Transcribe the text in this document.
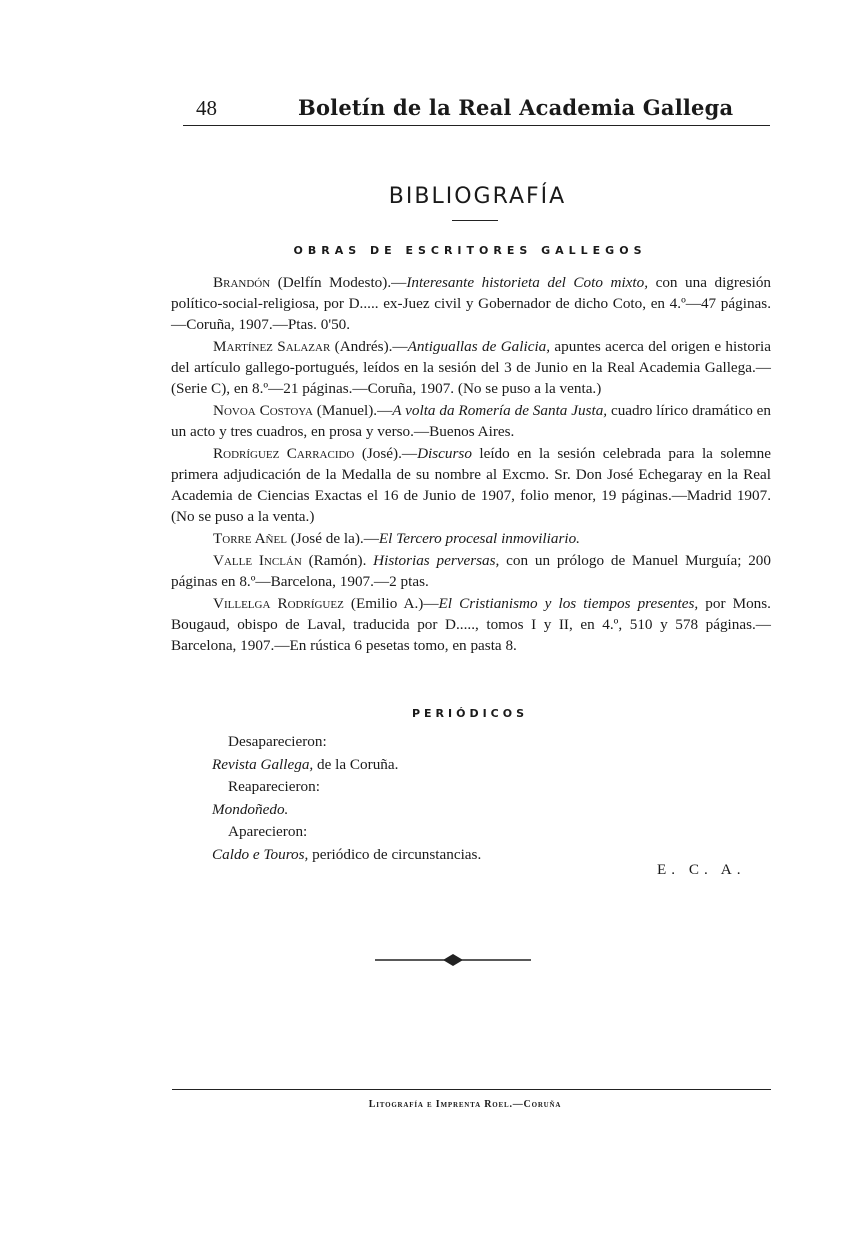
48	Boletín de la Real Academia Gallega
BIBLIOGRAFÍA
OBRAS DE ESCRITORES GALLEGOS

Brandón (Delfín Modesto).—Interesante historieta del Coto mixto, con una digresión político-social-religiosa, por D..... ex-Juez civil y Gobernador de dicho Coto, en 4.º—47 páginas.—Coruña, 1907.—Ptas. 0'50.

Martínez Salazar (Andrés).—Antiguallas de Galicia, apuntes acerca del origen e historia del artículo gallego-portugués, leídos en la sesión del 3 de Junio en la Real Academia Gallega.—(Serie C), en 8.º—21 páginas.—Coruña, 1907. (No se puso a la venta.)

Novoa Costoya (Manuel).—A volta da Romería de Santa Justa, cuadro lírico dramático en un acto y tres cuadros, en prosa y verso.—Buenos Aires.

Rodríguez Carracido (José).—Discurso leído en la sesión celebrada para la solemne primera adjudicación de la Medalla de su nombre al Excmo. Sr. Don José Echegaray en la Real Academia de Ciencias Exactas el 16 de Junio de 1907, folio menor, 19 páginas.—Madrid 1907. (No se puso a la venta.)

Torre Añel (José de la).—El Tercero procesal inmoviliario.

Valle Inclán (Ramón). Historias perversas, con un prólogo de Manuel Murguía; 200 páginas en 8.º—Barcelona, 1907.—2 ptas.

Villelga Rodríguez (Emilio A.)—El Cristianismo y los tiempos presentes, por Mons. Bougaud, obispo de Laval, traducida por D....., tomos I y II, en 4.º, 510 y 578 páginas.—Barcelona, 1907.—En rústica 6 pesetas tomo, en pasta 8.

PERIÓDICOS
Desaparecieron:
Revista Gallega, de la Coruña.
Reaparecieron:
Mondoñedo.
Aparecieron:
Caldo e Touros, periódico de circunstancias.
E. C. A.
Litografía e Imprenta Roel.—Coruña
